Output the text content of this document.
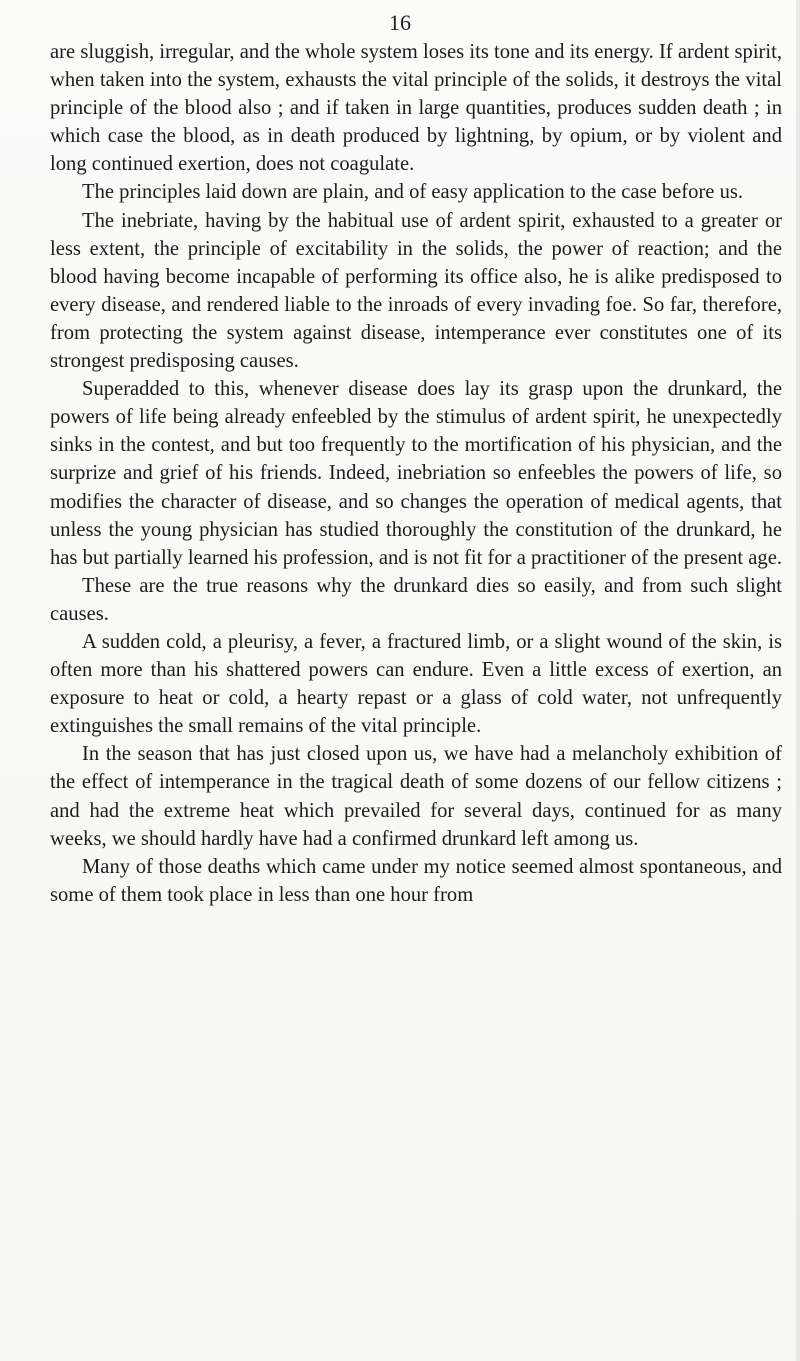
16

are sluggish, irregular, and the whole system loses its tone and its energy. If ardent spirit, when taken into the system, exhausts the vital principle of the solids, it destroys the vital principle of the blood also ; and if taken in large quantities, produces sudden death ; in which case the blood, as in death produced by lightning, by opium, or by violent and long continued exertion, does not coagulate.

The principles laid down are plain, and of easy application to the case before us.

The inebriate, having by the habitual use of ardent spirit, exhausted to a greater or less extent, the principle of excitability in the solids, the power of reaction; and the blood having become incapable of performing its office also, he is alike predisposed to every disease, and rendered liable to the inroads of every invading foe. So far, therefore, from protecting the system against disease, intemperance ever constitutes one of its strongest predisposing causes.

Superadded to this, whenever disease does lay its grasp upon the drunkard, the powers of life being already enfeebled by the stimulus of ardent spirit, he unexpectedly sinks in the contest, and but too frequently to the mortification of his physician, and the surprize and grief of his friends. Indeed, inebriation so enfeebles the powers of life, so modifies the character of disease, and so changes the operation of medical agents, that unless the young physician has studied thoroughly the constitution of the drunkard, he has but partially learned his profession, and is not fit for a practitioner of the present age.

These are the true reasons why the drunkard dies so easily, and from such slight causes.

A sudden cold, a pleurisy, a fever, a fractured limb, or a slight wound of the skin, is often more than his shattered powers can endure. Even a little excess of exertion, an exposure to heat or cold, a hearty repast or a glass of cold water, not unfrequently extinguishes the small remains of the vital principle.

In the season that has just closed upon us, we have had a melancholy exhibition of the effect of intemperance in the tragical death of some dozens of our fellow citizens ; and had the extreme heat which prevailed for several days, continued for as many weeks, we should hardly have had a confirmed drunkard left among us.

Many of those deaths which came under my notice seemed almost spontaneous, and some of them took place in less than one hour from
